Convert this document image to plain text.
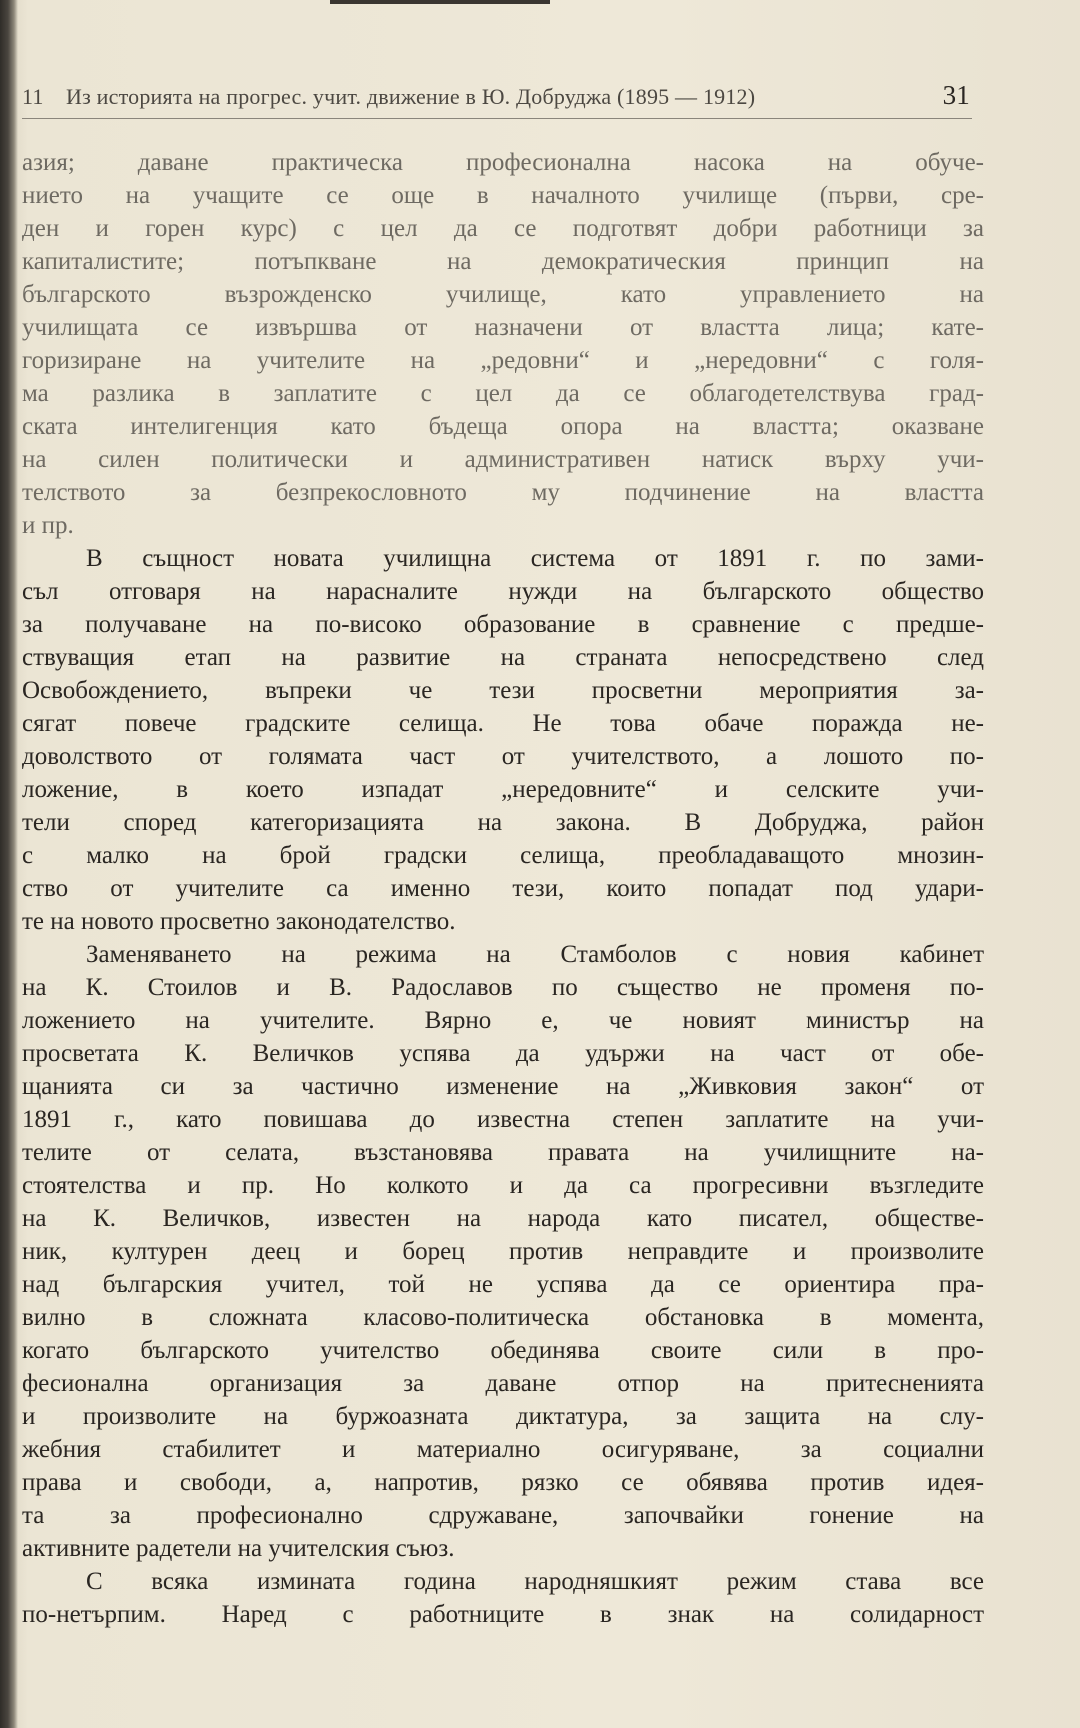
11 Из историята на прогрес. учит. движение в Ю. Добруджа (1895 — 1912)	31
азия; даване практическа професионална насока на обуче-
нието на учащите се още в началното училище (първи, сре-
ден и горен курс) с цел да се подготвят добри работници за
капиталистите; потъпкване на демократическия принцип на
българското възрожденско училище, като управлението на
училищата се извършва от назначени от властта лица; кате-
горизиране на учителите на „редовни“ и „нередовни“ с голя-
ма разлика в заплатите с цел да се облагодетелствува град-
ската интелигенция като бъдеща опора на властта; оказване
на силен политически и административен натиск върху учи-
телството за безпрекословното му подчинение на властта
и пр.
В същност новата училищна система от 1891 г. по зами-
съл отговаря на нарасналите нужди на българското общество
за получаване на по-високо образование в сравнение с предше-
ствуващия етап на развитие на страната непосредствено след
Освобождението, въпреки че тези просветни мероприятия за-
сягат повече градските селища. Не това обаче поражда не-
доволството от голямата част от учителството, а лошото по-
ложение, в което изпадат „нередовните“ и селските учи-
тели според категоризацията на закона. В Добруджа, район
с малко на брой градски селища, преобладаващото мнозин-
ство от учителите са именно тези, които попадат под удари-
те на новото просветно законодателство.
Заменяването на режима на Стамболов с новия кабинет
на К. Стоилов и В. Радославов по същество не променя по-
ложението на учителите. Вярно е, че новият министър на
просветата К. Величков успява да удържи на част от обе-
щанията си за частично изменение на „Живковия закон“ от
1891 г., като повишава до известна степен заплатите на учи-
телите от селата, възстановява правата на училищните на-
стоятелства и пр. Но колкото и да са прогресивни възгледите
на К. Величков, известен на народа като писател, обществе-
ник, културен деец и борец против неправдите и произволите
над българския учител, той не успява да се ориентира пра-
вилно в сложната класово-политическа обстановка в момента,
когато българското учителство обединява своите сили в про-
фесионална организация за даване отпор на притесненията
и произволите на буржоазната диктатура, за защита на слу-
жебния стабилитет и материално осигуряване, за социални
права и свободи, а, напротив, рязко се обявява против идея-
та за професионално сдружаване, започвайки гонение на
активните радетели на учителския съюз.
С всяка измината година народняшкият режим става все
по-нетърпим. Наред с работниците в знак на солидарност
